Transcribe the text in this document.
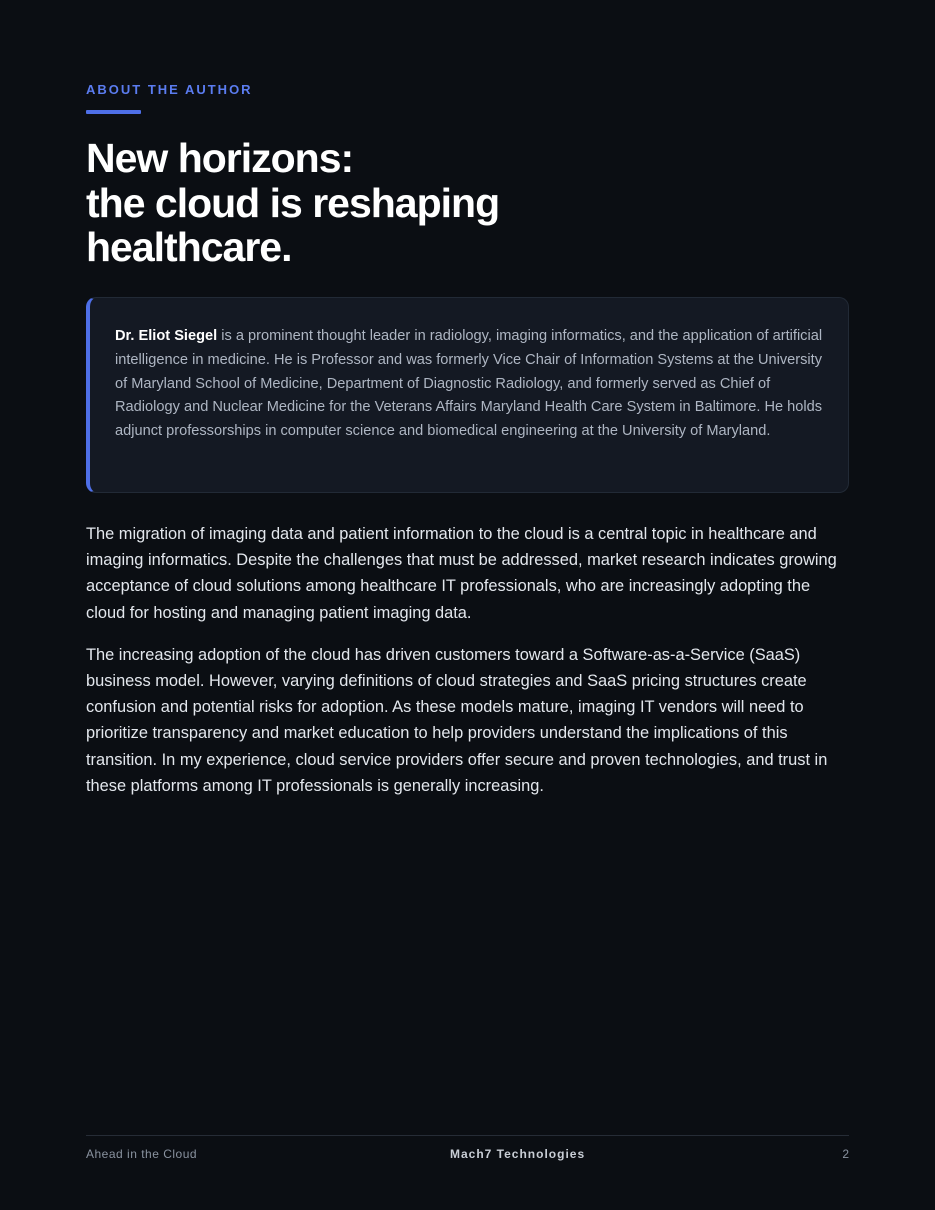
ABOUT THE AUTHOR
New horizons:
the cloud is reshaping
healthcare.

Dr. Eliot Siegel is a prominent thought leader in radiology, imaging informatics, and the application of artificial intelligence in medicine. He is Professor and was formerly Vice Chair of Information Systems at the University of Maryland School of Medicine, Department of Diagnostic Radiology, and formerly served as Chief of Radiology and Nuclear Medicine for the Veterans Affairs Maryland Health Care System in Baltimore. He holds adjunct professorships in computer science and biomedical engineering at the University of Maryland.

The migration of imaging data and patient information to the cloud is a central topic in healthcare and imaging informatics. Despite the challenges that must be addressed, market research indicates growing acceptance of cloud solutions among healthcare IT professionals, who are increasingly adopting the cloud for hosting and managing patient imaging data.

The increasing adoption of the cloud has driven customers toward a Software-as-a-Service (SaaS) business model. However, varying definitions of cloud strategies and SaaS pricing structures create confusion and potential risks for adoption. As these models mature, imaging IT vendors will need to prioritize transparency and market education to help providers understand the implications of this transition. In my experience, cloud service providers offer secure and proven technologies, and trust in these platforms among IT professionals is generally increasing.

Ahead in the Cloud	Mach7 Technologies	2
